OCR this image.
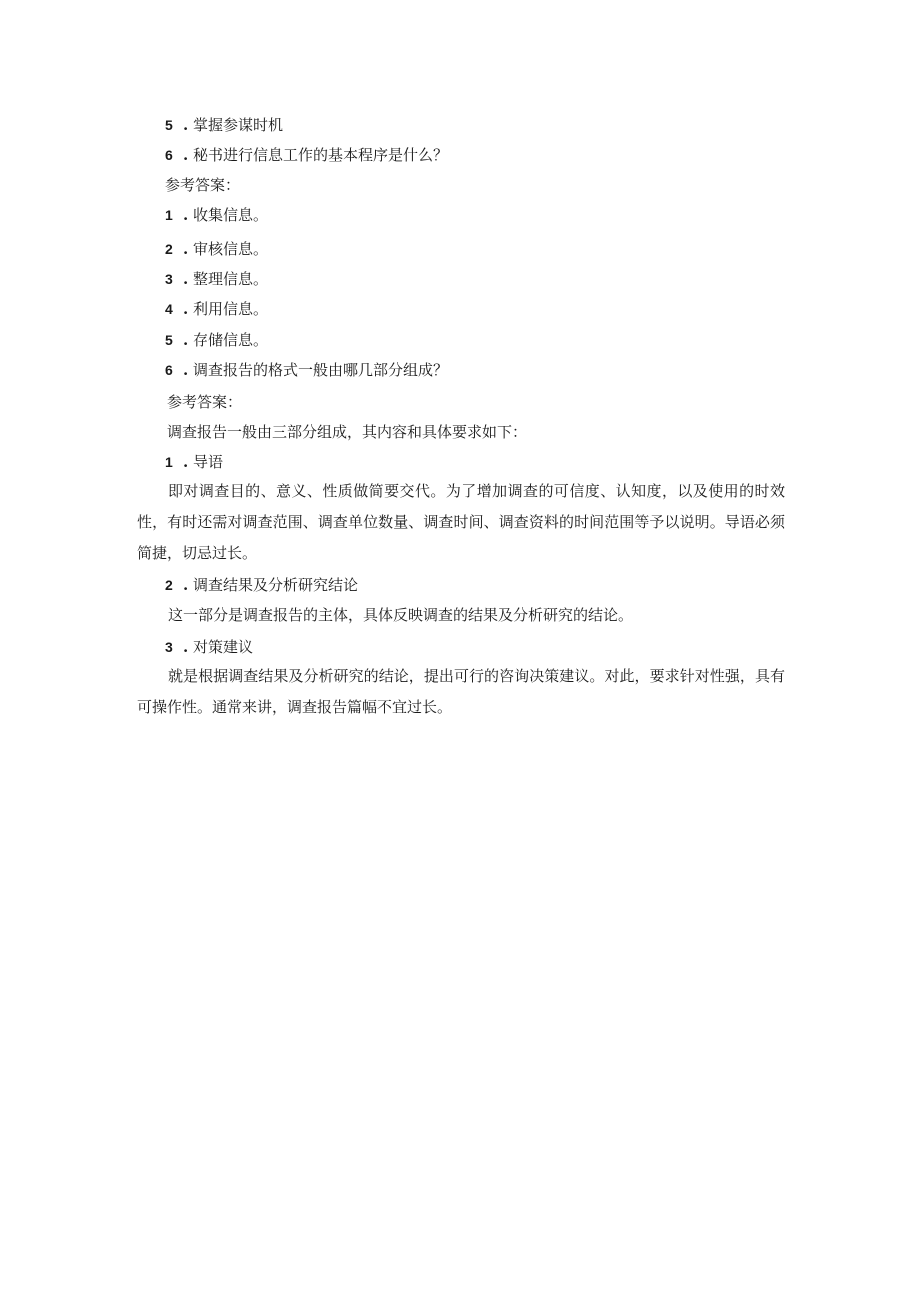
5 . 掌握参谋时机
6 . 秘书进行信息工作的基本程序是什么？
参考答案：
1 . 收集信息。
2 . 审核信息。
3 . 整理信息。
4 . 利用信息。
5 . 存储信息。
6 . 调查报告的格式一般由哪几部分组成？
参考答案：
调查报告一般由三部分组成，其内容和具体要求如下：
1 . 导语

即对调查目的、意义、性质做简要交代。为了增加调查的可信度、认知度，以及使用的时效性，有时还需对调查范围、调查单位数量、调查时间、调查资料的时间范围等予以说明。导语必须简捷，切忌过长。

2 . 调查结果及分析研究结论

这一部分是调查报告的主体，具体反映调查的结果及分析研究的结论。

3 . 对策建议

就是根据调查结果及分析研究的结论，提出可行的咨询决策建议。对此，要求针对性强，具有可操作性。通常来讲，调查报告篇幅不宜过长。
